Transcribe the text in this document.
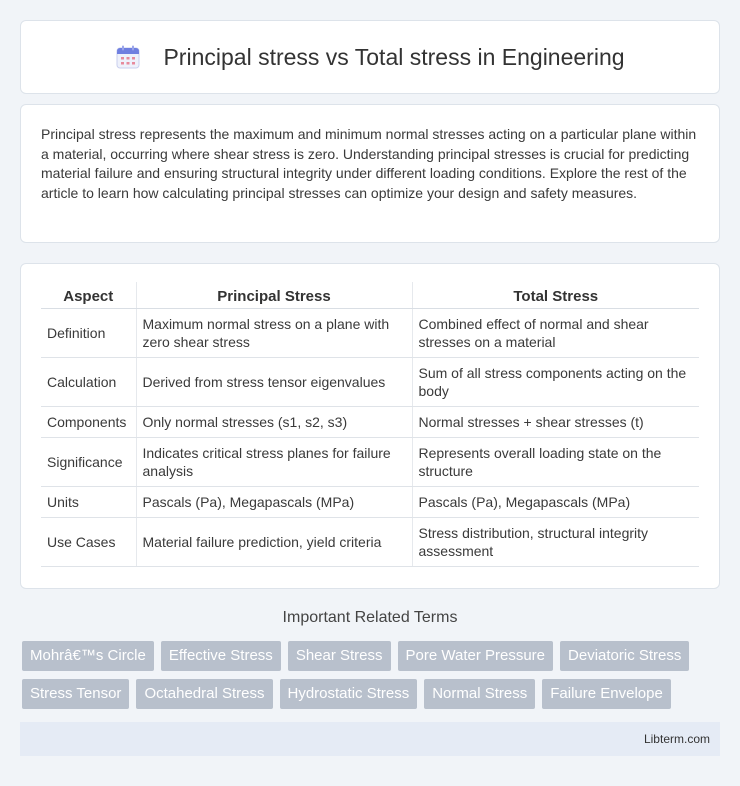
Principal stress vs Total stress in Engineering

Principal stress represents the maximum and minimum normal stresses acting on a particular plane within a material, occurring where shear stress is zero. Understanding principal stresses is crucial for predicting material failure and ensuring structural integrity under different loading conditions. Explore the rest of the article to learn how calculating principal stresses can optimize your design and safety measures.

Aspect	Principal Stress	Total Stress
Definition	Maximum normal stress on a plane with zero shear stress	Combined effect of normal and shear stresses on a material
Calculation	Derived from stress tensor eigenvalues	Sum of all stress components acting on the body
Components	Only normal stresses (s1, s2, s3)	Normal stresses + shear stresses (t)
Significance	Indicates critical stress planes for failure analysis	Represents overall loading state on the structure
Units	Pascals (Pa), Megapascals (MPa)	Pascals (Pa), Megapascals (MPa)
Use Cases	Material failure prediction, yield criteria	Stress distribution, structural integrity assessment
Important Related Terms
Mohrâ€™s Circle	Effective Stress	Shear Stress	Pore Water Pressure	Deviatoric Stress
Stress Tensor	Octahedral Stress	Hydrostatic Stress	Normal Stress	Failure Envelope
Libterm.com
